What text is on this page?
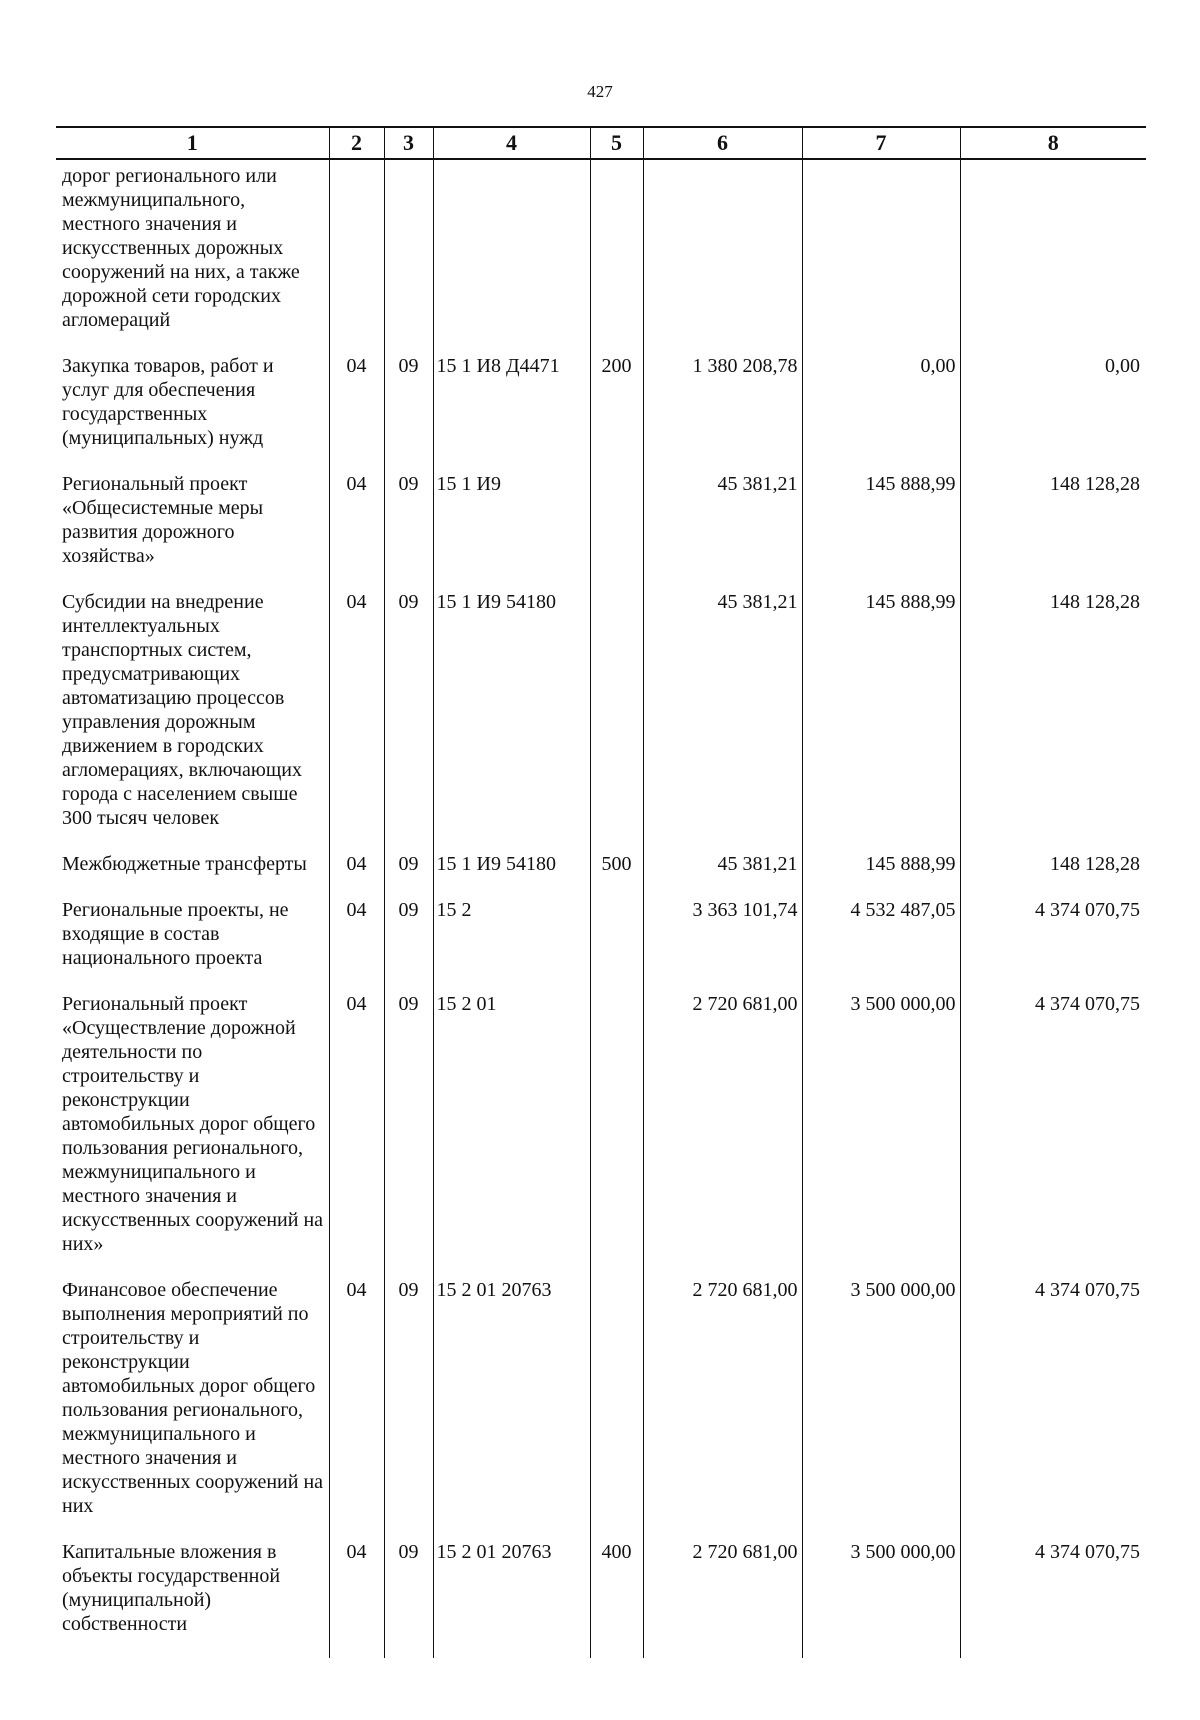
427
1	2	3	4	5	6	7	8
дорог регионального или межмуниципального, местного значения и искусственных дорожных сооружений на них, а также дорожной сети городских агломераций							
Закупка товаров, работ и услуг для обеспечения государственных (муниципальных) нужд	04	09	15 1 И8 Д4471	200	1 380 208,78	0,00	0,00
Региональный проект «Общесистемные меры развития дорожного хозяйства»	04	09	15 1 И9		45 381,21	145 888,99	148 128,28
Субсидии на внедрение интеллектуальных транспортных систем, предусматривающих автоматизацию процессов управления дорожным движением в городских агломерациях, включающих города с населением свыше 300 тысяч человек	04	09	15 1 И9 54180		45 381,21	145 888,99	148 128,28
Межбюджетные трансферты	04	09	15 1 И9 54180	500	45 381,21	145 888,99	148 128,28
Региональные проекты, не входящие в состав национального проекта	04	09	15 2		3 363 101,74	4 532 487,05	4 374 070,75
Региональный проект «Осуществление дорожной деятельности по строительству и реконструкции автомобильных дорог общего пользования регионального, межмуниципального и местного значения и искусственных сооружений на них»	04	09	15 2 01		2 720 681,00	3 500 000,00	4 374 070,75
Финансовое обеспечение выполнения мероприятий по строительству и реконструкции автомобильных дорог общего пользования регионального, межмуниципального и местного значения и искусственных сооружений на них	04	09	15 2 01 20763		2 720 681,00	3 500 000,00	4 374 070,75
Капитальные вложения в объекты государственной (муниципальной) собственности	04	09	15 2 01 20763	400	2 720 681,00	3 500 000,00	4 374 070,75
